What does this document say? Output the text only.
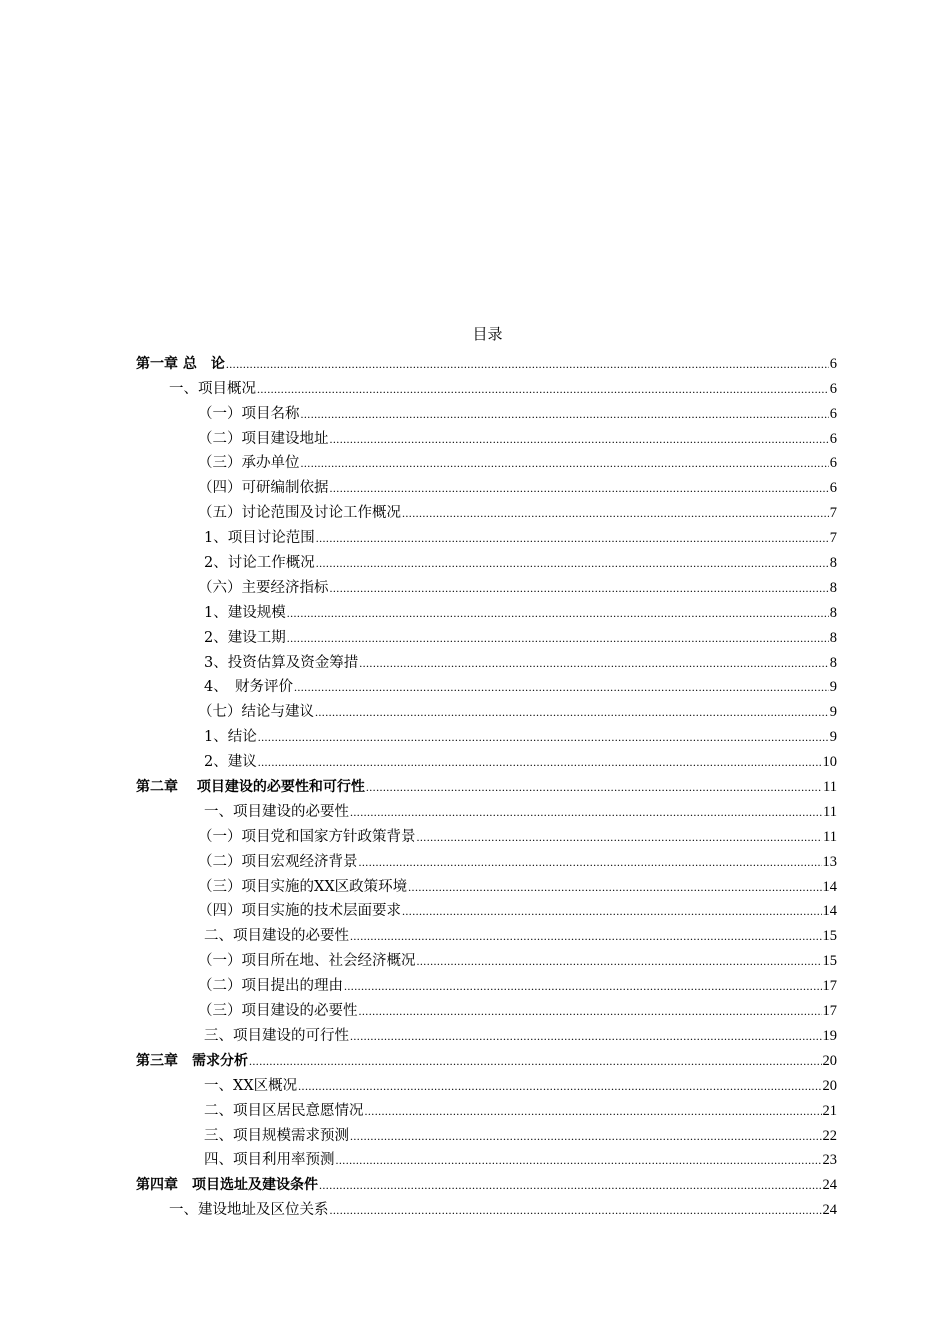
目录
第一章 总　论 .....	6
一、项目概况 .....	6
（一）项目名称 .....	6
（二）项目建设地址 .....	6
（三）承办单位 .....	6
（四）可研编制依据 .....	6
（五）讨论范围及讨论工作概况 .....	7
1、项目讨论范围 .....	7
2、讨论工作概况 .....	8
（六）主要经济指标 .....	8
1、建设规模 .....	8
2、建设工期 .....	8
3、投资估算及资金筹措 .....	8
4、　财务评价 .....	9
（七）结论与建议 .....	9
1、结论 .....	9
2、建议 .....	10
第二章　 项目建设的必要性和可行性 .....	11
一、项目建设的必要性 .....	11
（一）项目党和国家方针政策背景 .....	11
（二）项目宏观经济背景 .....	13
（三）项目实施的XX区政策环境 .....	14
（四）项目实施的技术层面要求 .....	14
二、项目建设的必要性 .....	15
（一）项目所在地、社会经济概况 .....	15
（二）项目提出的理由 .....	17
（三）项目建设的必要性 .....	17
三、项目建设的可行性 .....	19
第三章　需求分析 .....	20
一、XX区概况 .....	20
二、项目区居民意愿情况 .....	21
三、项目规模需求预测 .....	22
四、项目利用率预测 .....	23
第四章　项目选址及建设条件 .....	24
一、建设地址及区位关系 .....	24
